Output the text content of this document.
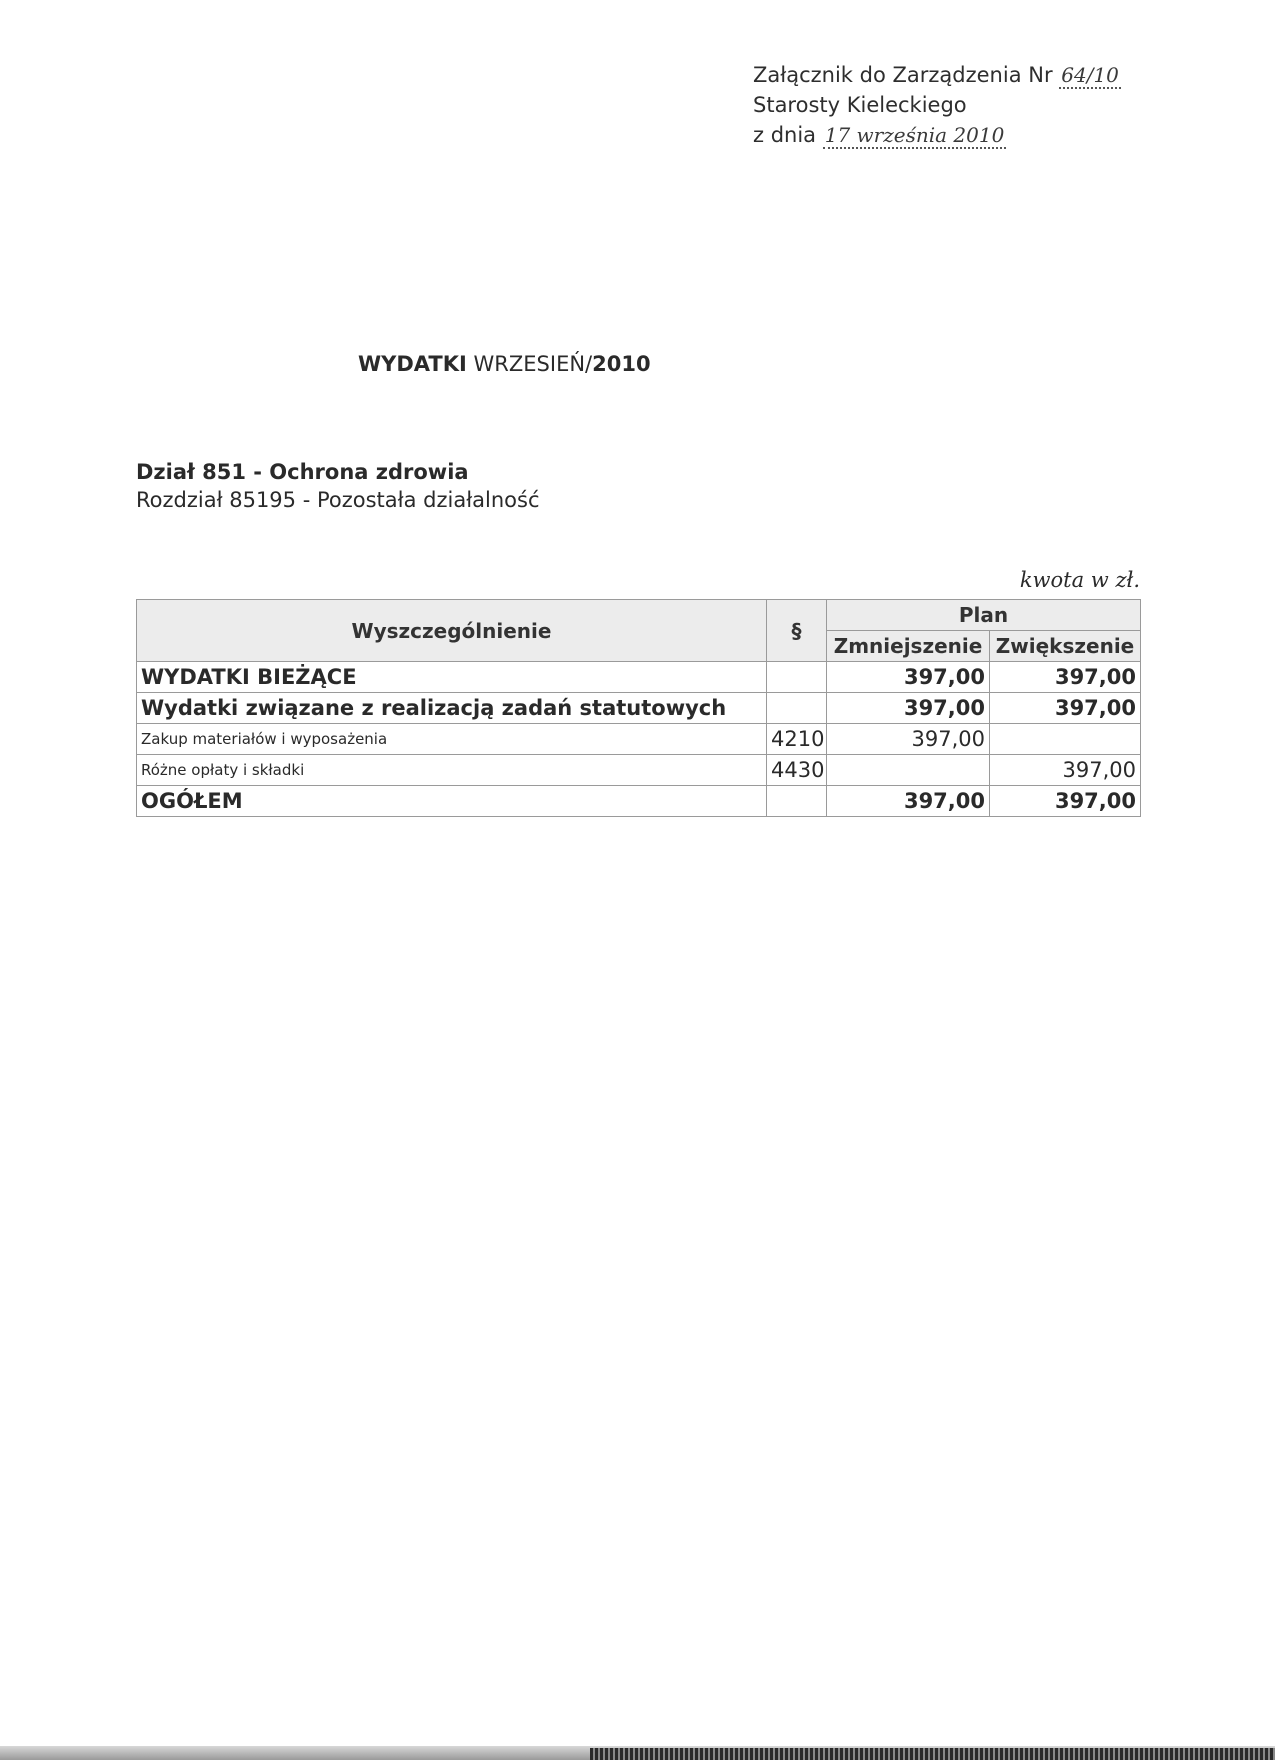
Załącznik do Zarządzenia Nr 64/10
Starosty Kieleckiego
z dnia 17 września 2010
WYDATKI WRZESIEŃ/2010
Dział 851 - Ochrona zdrowia
Rozdział 85195 - Pozostała działalność
kwota w zł.
Wyszczególnienie	§	Plan	
		Zmniejszenie	Zwiększenie
WYDATKI BIEŻĄCE		397,00	397,00
Wydatki związane z realizacją zadań statutowych		397,00	397,00
Zakup materiałów i wyposażenia	4210	397,00	
Różne opłaty i składki	4430		397,00
OGÓŁEM		397,00	397,00
